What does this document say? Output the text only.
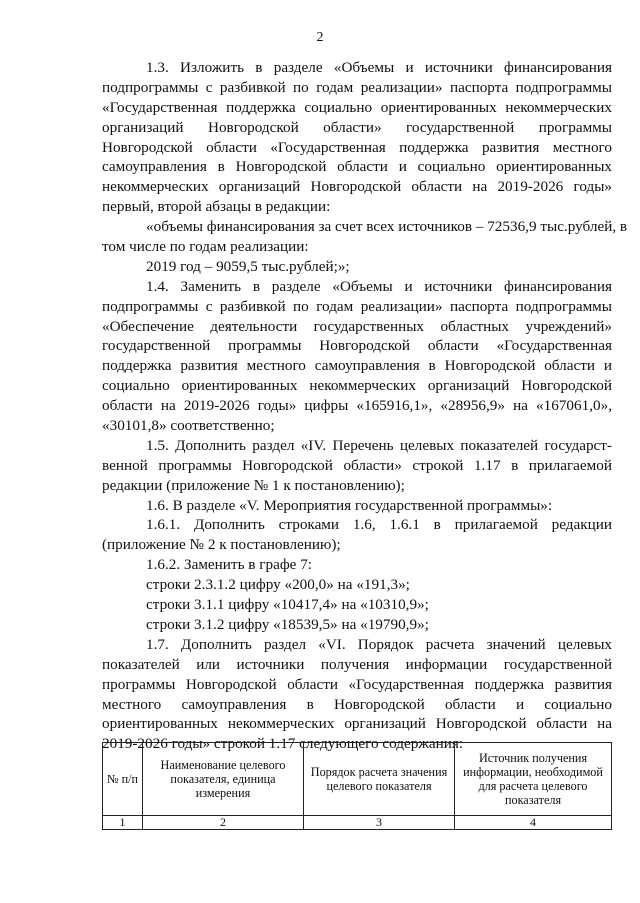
2
1.3. Изложить в разделе «Объемы и источники финансирования
подпрограммы с разбивкой по годам реализации» паспорта подпрограммы
«Государственная поддержка социально ориентированных некоммерческих
организаций Новгородской области» государственной программы
Новгородской области «Государственная поддержка развития местного
самоуправления в Новгородской области и социально ориентированных
некоммерческих организаций Новгородской области на 2019-2026 годы»
первый, второй абзацы в редакции:
«объемы финансирования за счет всех источников – 72536,9 тыс.рублей, в
том числе по годам реализации:
2019 год – 9059,5 тыс.рублей;»;
1.4. Заменить в разделе «Объемы и источники финансирования
подпрограммы с разбивкой по годам реализации» паспорта подпрограммы
«Обеспечение деятельности государственных областных учреждений»
государственной программы Новгородской области «Государственная
поддержка развития местного самоуправления в Новгородской области и
социально ориентированных некоммерческих организаций Новгородской
области на 2019-2026 годы» цифры «165916,1», «28956,9» на «167061,0»,
«30101,8» соответственно;
1.5. Дополнить раздел «IV. Перечень целевых показателей государст-
венной программы Новгородской области» строкой 1.17 в прилагаемой
редакции (приложение № 1 к постановлению);
1.6. В разделе «V. Мероприятия государственной программы»:
1.6.1. Дополнить строками 1.6, 1.6.1 в прилагаемой редакции
(приложение № 2 к постановлению);
1.6.2. Заменить в графе 7:
строки 2.3.1.2 цифру «200,0» на «191,3»;
строки 3.1.1 цифру «10417,4» на «10310,9»;
строки 3.1.2 цифру «18539,5» на «19790,9»;
1.7. Дополнить раздел «VI. Порядок расчета значений целевых
показателей или источники получения информации государственной
программы Новгородской области «Государственная поддержка развития
местного самоуправления в Новгородской области и социально
ориентированных некоммерческих организаций Новгородской области на
2019-2026 годы» строкой 1.17 следующего содержания:
№ п/п	Наименование целевого показателя, единица измерения	Порядок расчета значения целевого показателя	Источник получения информации, необходимой для расчета целевого показателя
1	2	3	4
